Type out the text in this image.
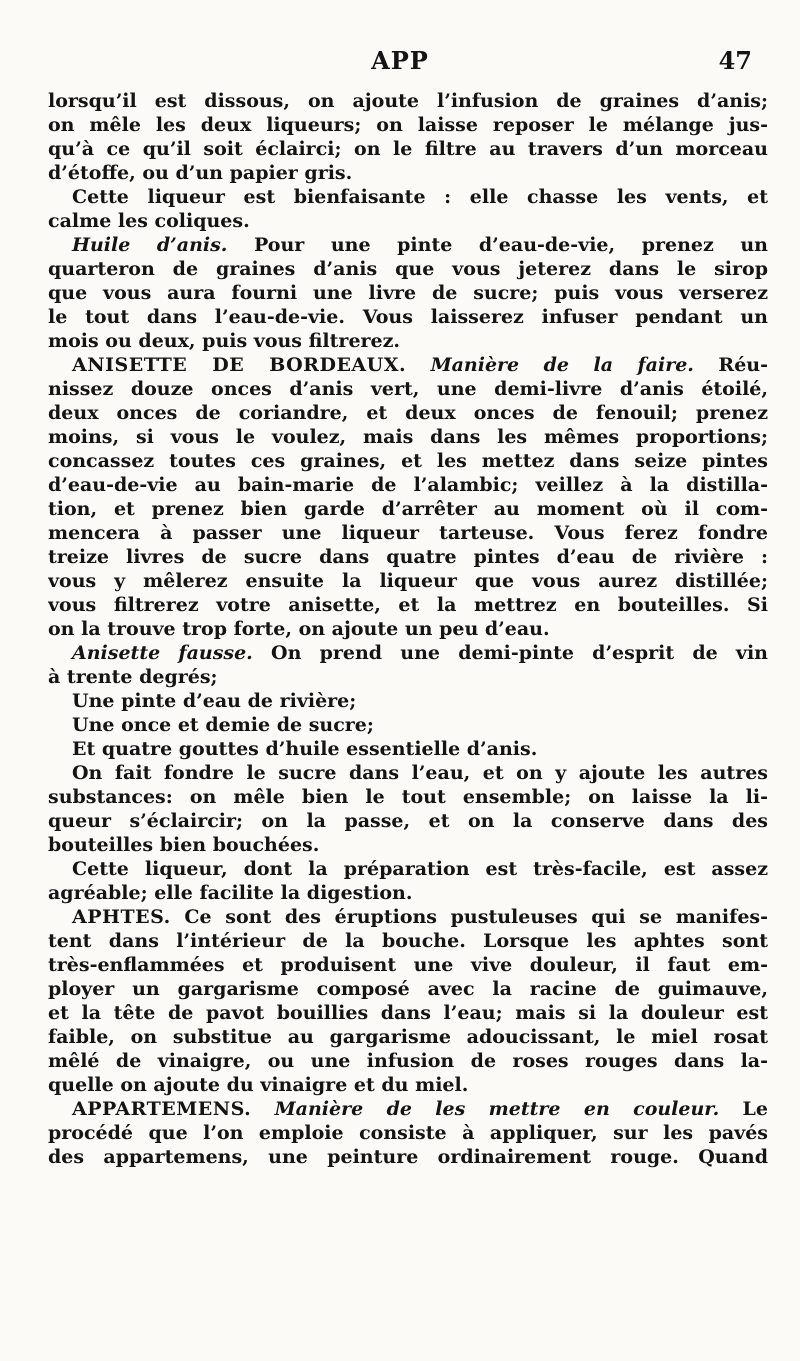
APP	47
lorsqu’il est dissous, on ajoute l’infusion de graines d’anis;
on mêle les deux liqueurs; on laisse reposer le mélange jus-
qu’à ce qu’il soit éclairci; on le filtre au travers d’un morceau
d’étoffe, ou d’un papier gris.
Cette liqueur est bienfaisante : elle chasse les vents, et
calme les coliques.
Huile d’anis. Pour une pinte d’eau-de-vie, prenez un
quarteron de graines d’anis que vous jeterez dans le sirop
que vous aura fourni une livre de sucre; puis vous verserez
le tout dans l’eau-de-vie. Vous laisserez infuser pendant un
mois ou deux, puis vous filtrerez.
ANISETTE DE BORDEAUX. Manière de la faire. Réu-
nissez douze onces d’anis vert, une demi-livre d’anis étoilé,
deux onces de coriandre, et deux onces de fenouil; prenez
moins, si vous le voulez, mais dans les mêmes proportions;
concassez toutes ces graines, et les mettez dans seize pintes
d’eau-de-vie au bain-marie de l’alambic; veillez à la distilla-
tion, et prenez bien garde d’arrêter au moment où il com-
mencera à passer une liqueur tarteuse. Vous ferez fondre
treize livres de sucre dans quatre pintes d’eau de rivière :
vous y mêlerez ensuite la liqueur que vous aurez distillée;
vous filtrerez votre anisette, et la mettrez en bouteilles. Si
on la trouve trop forte, on ajoute un peu d’eau.
Anisette fausse. On prend une demi-pinte d’esprit de vin
à trente degrés;
Une pinte d’eau de rivière;
Une once et demie de sucre;
Et quatre gouttes d’huile essentielle d’anis.
On fait fondre le sucre dans l’eau, et on y ajoute les autres
substances: on mêle bien le tout ensemble; on laisse la li-
queur s’éclaircir; on la passe, et on la conserve dans des
bouteilles bien bouchées.
Cette liqueur, dont la préparation est très-facile, est assez
agréable; elle facilite la digestion.
APHTES. Ce sont des éruptions pustuleuses qui se manifes-
tent dans l’intérieur de la bouche. Lorsque les aphtes sont
très-enflammées et produisent une vive douleur, il faut em-
ployer un gargarisme composé avec la racine de guimauve,
et la tête de pavot bouillies dans l’eau; mais si la douleur est
faible, on substitue au gargarisme adoucissant, le miel rosat
mêlé de vinaigre, ou une infusion de roses rouges dans la-
quelle on ajoute du vinaigre et du miel.
APPARTEMENS. Manière de les mettre en couleur. Le
procédé que l’on emploie consiste à appliquer, sur les pavés
des appartemens, une peinture ordinairement rouge. Quand
